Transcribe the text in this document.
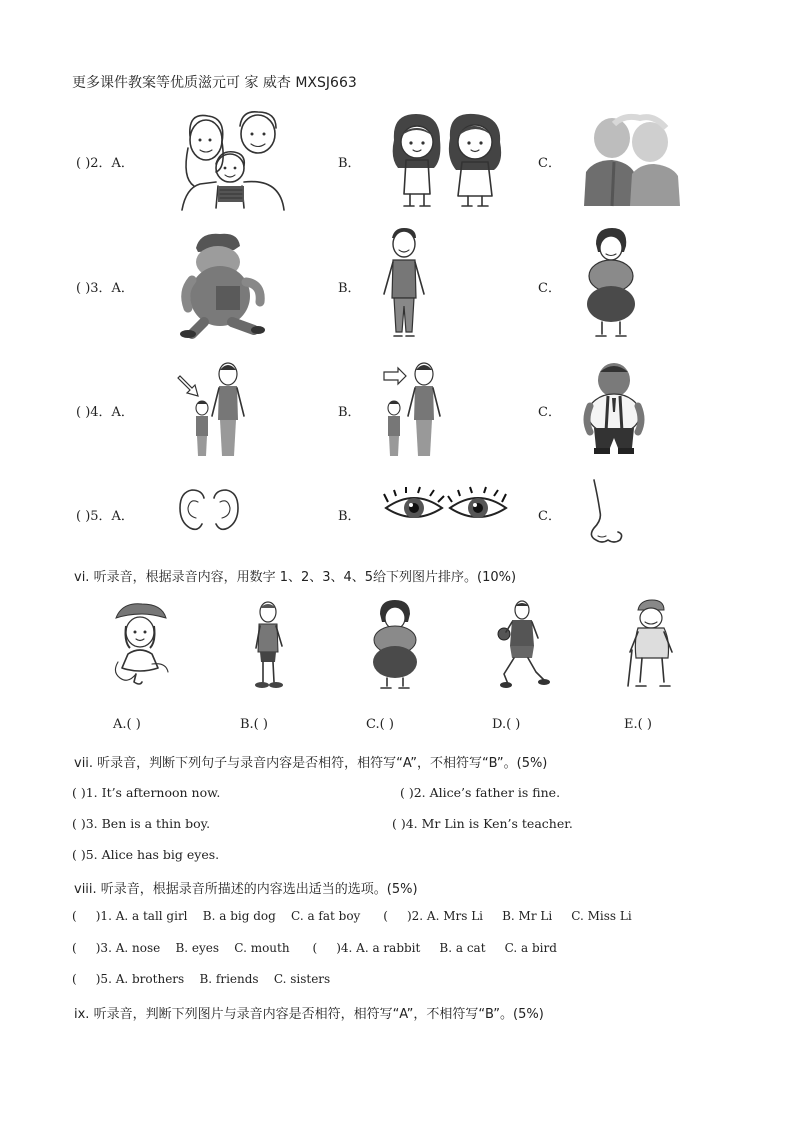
更多课件教案等优质滋元可 家 威杏 MXSJ663
( )2．A．	B．	C．
( )3．A．	B．	C．
( )4．A．	B．	C．
( )5．A．	B．	C．
vi. 听录音，根据录音内容，用数字 1、2、3、4、5给下列图片排序。(10%)
A.( )	B.( )	C.( )	D.( )	E.( )
vii. 听录音，判断下列句子与录音内容是否相符，相符写“A”，不相符写“B”。(5%)
( )1. It’s afternoon now.	( )2. Alice’s father is fine.
( )3. Ben is a thin boy.	( )4. Mr Lin is Ken’s teacher.
( )5. Alice has big eyes.
viii. 听录音，根据录音所描述的内容选出适当的选项。(5%)
(     )1. A. a tall girl    B. a big dog    C. a fat boy      (     )2. A. Mrs Li     B. Mr Li     C. Miss Li
(     )3. A. nose    B. eyes    C. mouth      (     )4. A. a rabbit     B. a cat     C. a bird
(     )5. A. brothers    B. friends    C. sisters
ix. 听录音，判断下列图片与录音内容是否相符，相符写“A”，不相符写“B”。(5%)
